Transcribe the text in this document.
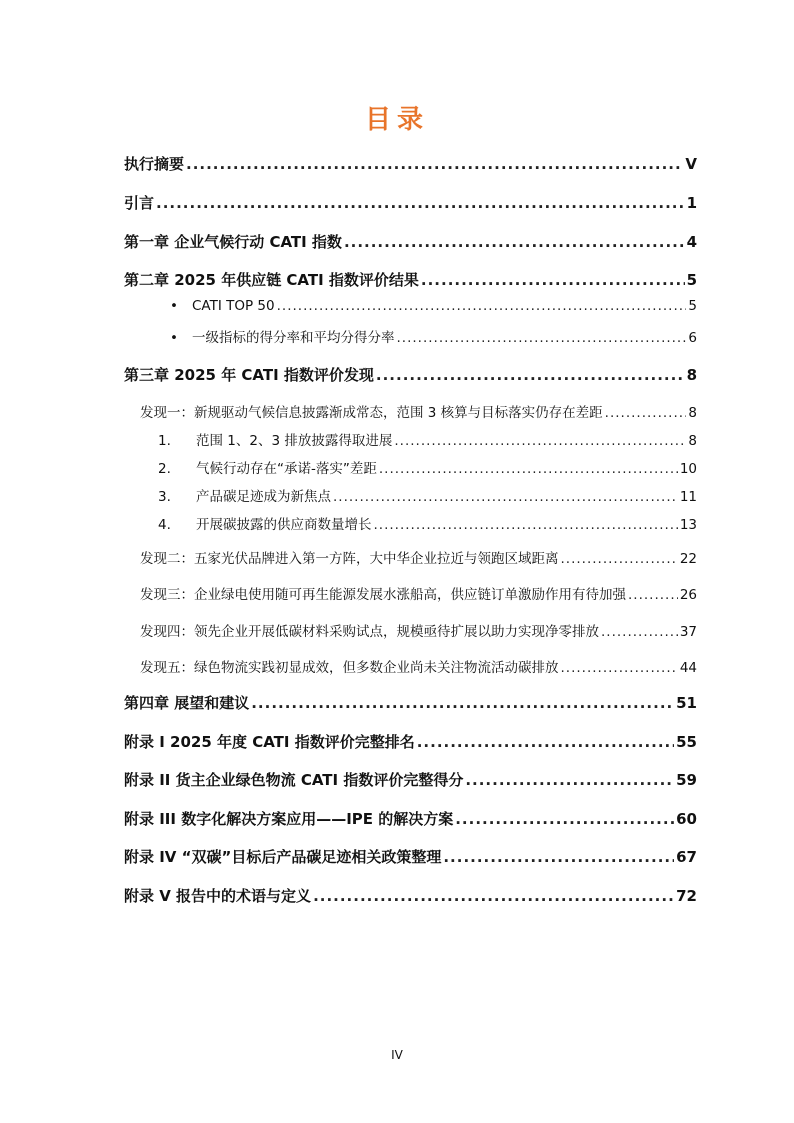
目录
执行摘要 .....	V
引言 .....	1
第一章 企业气候行动 CATI 指数 .....	4
第二章 2025 年供应链 CATI 指数评价结果 .....	5
•	CATI TOP 50 .....	5
•	一级指标的得分率和平均分得分率 .....	6
第三章 2025 年 CATI 指数评价发现 .....	8
发现一：新规驱动气候信息披露渐成常态，范围 3 核算与目标落实仍存在差距 .....	8
1.	范围 1、2、3 排放披露得取进展 .....	8
2.	气候行动存在“承诺-落实”差距 .....	10
3.	产品碳足迹成为新焦点 .....	11
4.	开展碳披露的供应商数量增长 .....	13
发现二：五家光伏品牌进入第一方阵，大中华企业拉近与领跑区域距离 .....	22
发现三：企业绿电使用随可再生能源发展水涨船高，供应链订单激励作用有待加强 .....	26
发现四：领先企业开展低碳材料采购试点，规模亟待扩展以助力实现净零排放 .....	37
发现五：绿色物流实践初显成效，但多数企业尚未关注物流活动碳排放 .....	44
第四章 展望和建议 .....	51
附录 I 2025 年度 CATI 指数评价完整排名 .....	55
附录 II 货主企业绿色物流 CATI 指数评价完整得分 .....	59
附录 III 数字化解决方案应用——IPE 的解决方案 .....	60
附录 IV “双碳”目标后产品碳足迹相关政策整理 .....	67
附录 V 报告中的术语与定义 .....	72
IV
